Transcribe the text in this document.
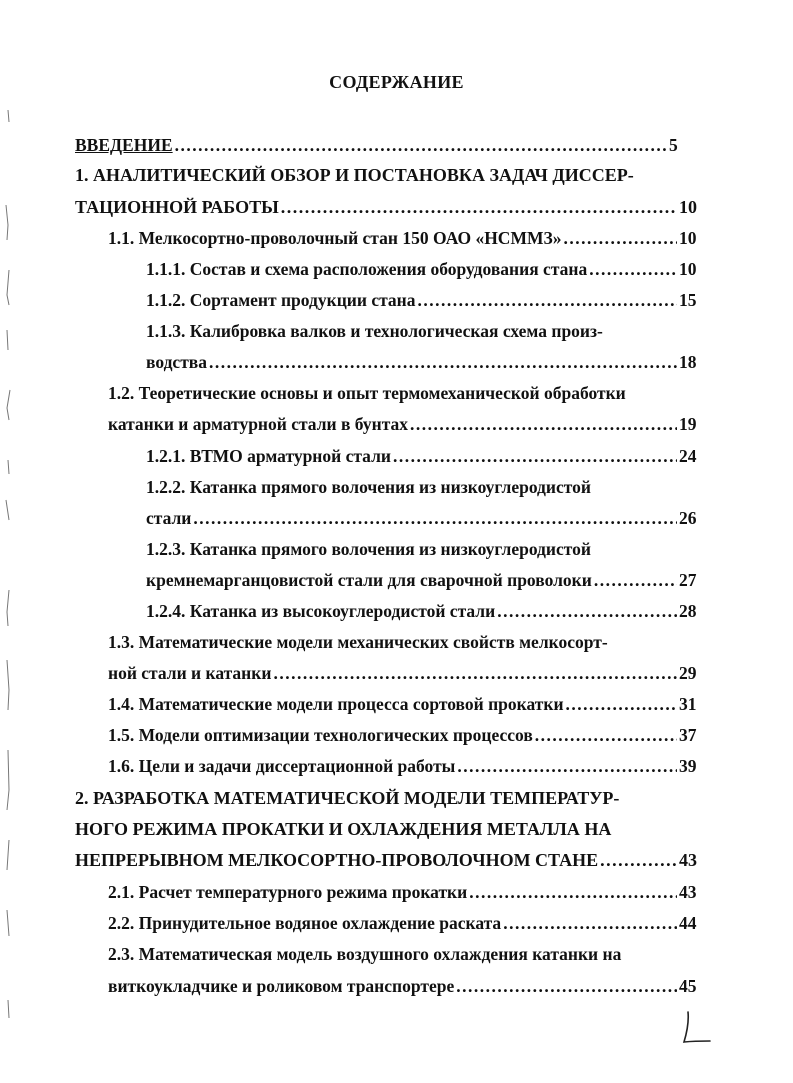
СОДЕРЖАНИЕ
ВВЕДЕНИЕ .....	5
1. АНАЛИТИЧЕСКИЙ ОБЗОР И ПОСТАНОВКА ЗАДАЧ ДИССЕР-
ТАЦИОННОЙ РАБОТЫ .....	10
1.1. Мелкосортно-проволочный стан 150 ОАО «НСММЗ» .....	10
1.1.1. Состав и схема расположения оборудования стана .....	10
1.1.2. Сортамент продукции стана .....	15
1.1.3. Калибровка валков и технологическая схема произ-
водства .....	18
1.2. Теоретические основы и опыт термомеханической обработки
катанки и арматурной стали в бунтах .....	19
1.2.1. ВТМО арматурной стали .....	24
1.2.2. Катанка прямого волочения из низкоуглеродистой
стали .....	26
1.2.3. Катанка прямого волочения из низкоуглеродистой
кремнемарганцовистой стали для сварочной проволоки .....	27
1.2.4. Катанка из высокоуглеродистой стали .....	28
1.3. Математические модели механических свойств мелкосорт-
ной стали и катанки .....	29
1.4. Математические модели процесса сортовой прокатки .....	31
1.5. Модели оптимизации технологических процессов .....	37
1.6. Цели и задачи диссертационной работы .....	39
2. РАЗРАБОТКА МАТЕМАТИЧЕСКОЙ МОДЕЛИ ТЕМПЕРАТУР-
НОГО РЕЖИМА ПРОКАТКИ И ОХЛАЖДЕНИЯ МЕТАЛЛА НА
НЕПРЕРЫВНОМ МЕЛКОСОРТНО-ПРОВОЛОЧНОМ СТАНЕ .....	43
2.1. Расчет температурного режима прокатки .....	43
2.2. Принудительное водяное охлаждение раската .....	44
2.3. Математическая модель воздушного охлаждения катанки на
виткоукладчике и роликовом транспортере .....	45
